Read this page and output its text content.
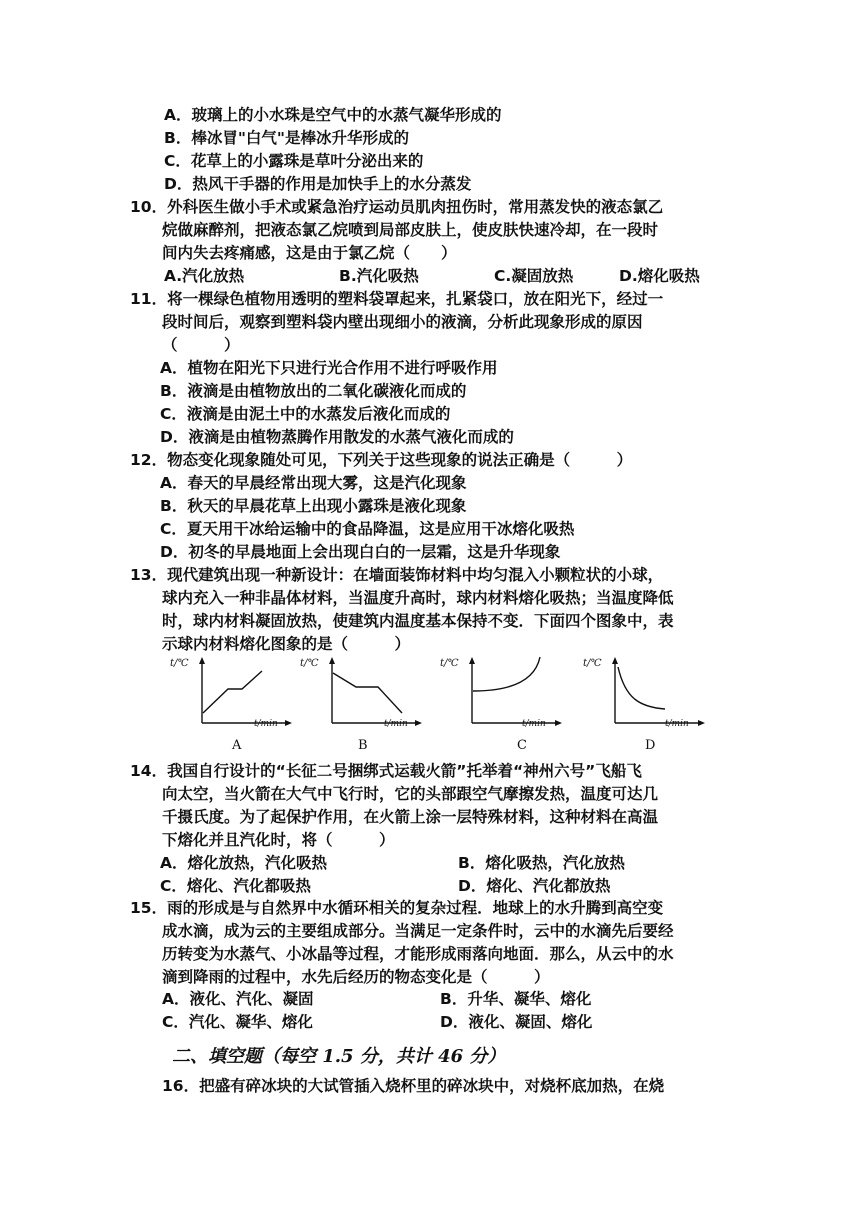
A．玻璃上的小水珠是空气中的水蒸气凝华形成的
B．棒冰冒"白气"是棒冰升华形成的
C．花草上的小露珠是草叶分泌出来的
D．热风干手器的作用是加快手上的水分蒸发
10．外科医生做小手术或紧急治疗运动员肌肉扭伤时，常用蒸发快的液态氯乙
烷做麻醉剂，把液态氯乙烷喷到局部皮肤上，使皮肤快速冷却，在一段时
间内失去疼痛感，这是由于氯乙烷（　　）
A.汽化放热	B.汽化吸热	C.凝固放热	D.熔化吸热
11．将一棵绿色植物用透明的塑料袋罩起来，扎紧袋口，放在阳光下，经过一
段时间后，观察到塑料袋内壁出现细小的液滴，分析此现象形成的原因
（　　　）
A．植物在阳光下只进行光合作用不进行呼吸作用
B．液滴是由植物放出的二氧化碳液化而成的
C．液滴是由泥土中的水蒸发后液化而成的
D．液滴是由植物蒸腾作用散发的水蒸气液化而成的
12．物态变化现象随处可见，下列关于这些现象的说法正确是（　　　）
A．春天的早晨经常出现大雾，这是汽化现象
B．秋天的早晨花草上出现小露珠是液化现象
C．夏天用干冰给运输中的食品降温，这是应用干冰熔化吸热
D．初冬的早晨地面上会出现白白的一层霜，这是升华现象
13．现代建筑出现一种新设计：在墙面装饰材料中均匀混入小颗粒状的小球，
球内充入一种非晶体材料，当温度升高时，球内材料熔化吸热；当温度降低
时，球内材料凝固放热，使建筑内温度基本保持不变．下面四个图象中，表
示球内材料熔化图象的是（　　　）
t/℃
t/min
A
t/℃
t/min
B
t/℃
t/min
C
t/℃
t/min
D
14．我国自行设计的“长征二号捆绑式运载火箭”托举着“神州六号”飞船飞
向太空，当火箭在大气中飞行时，它的头部跟空气摩擦发热，温度可达几
千摄氏度。为了起保护作用，在火箭上涂一层特殊材料，这种材料在高温
下熔化并且汽化时，将（　　　）
A．熔化放热，汽化吸热	B．熔化吸热，汽化放热
C．熔化、汽化都吸热	D．熔化、汽化都放热
15．雨的形成是与自然界中水循环相关的复杂过程．地球上的水升腾到高空变
成水滴，成为云的主要组成部分。当满足一定条件时，云中的水滴先后要经
历转变为水蒸气、小冰晶等过程，才能形成雨落向地面．那么，从云中的水
滴到降雨的过程中，水先后经历的物态变化是（　　　）
A．液化、汽化、凝固	B．升华、凝华、熔化
C．汽化、凝华、熔化	D．液化、凝固、熔化
二、填空题（每空 1.5 分，共计 46 分）
16．把盛有碎冰块的大试管插入烧杯里的碎冰块中，对烧杯底加热，在烧
